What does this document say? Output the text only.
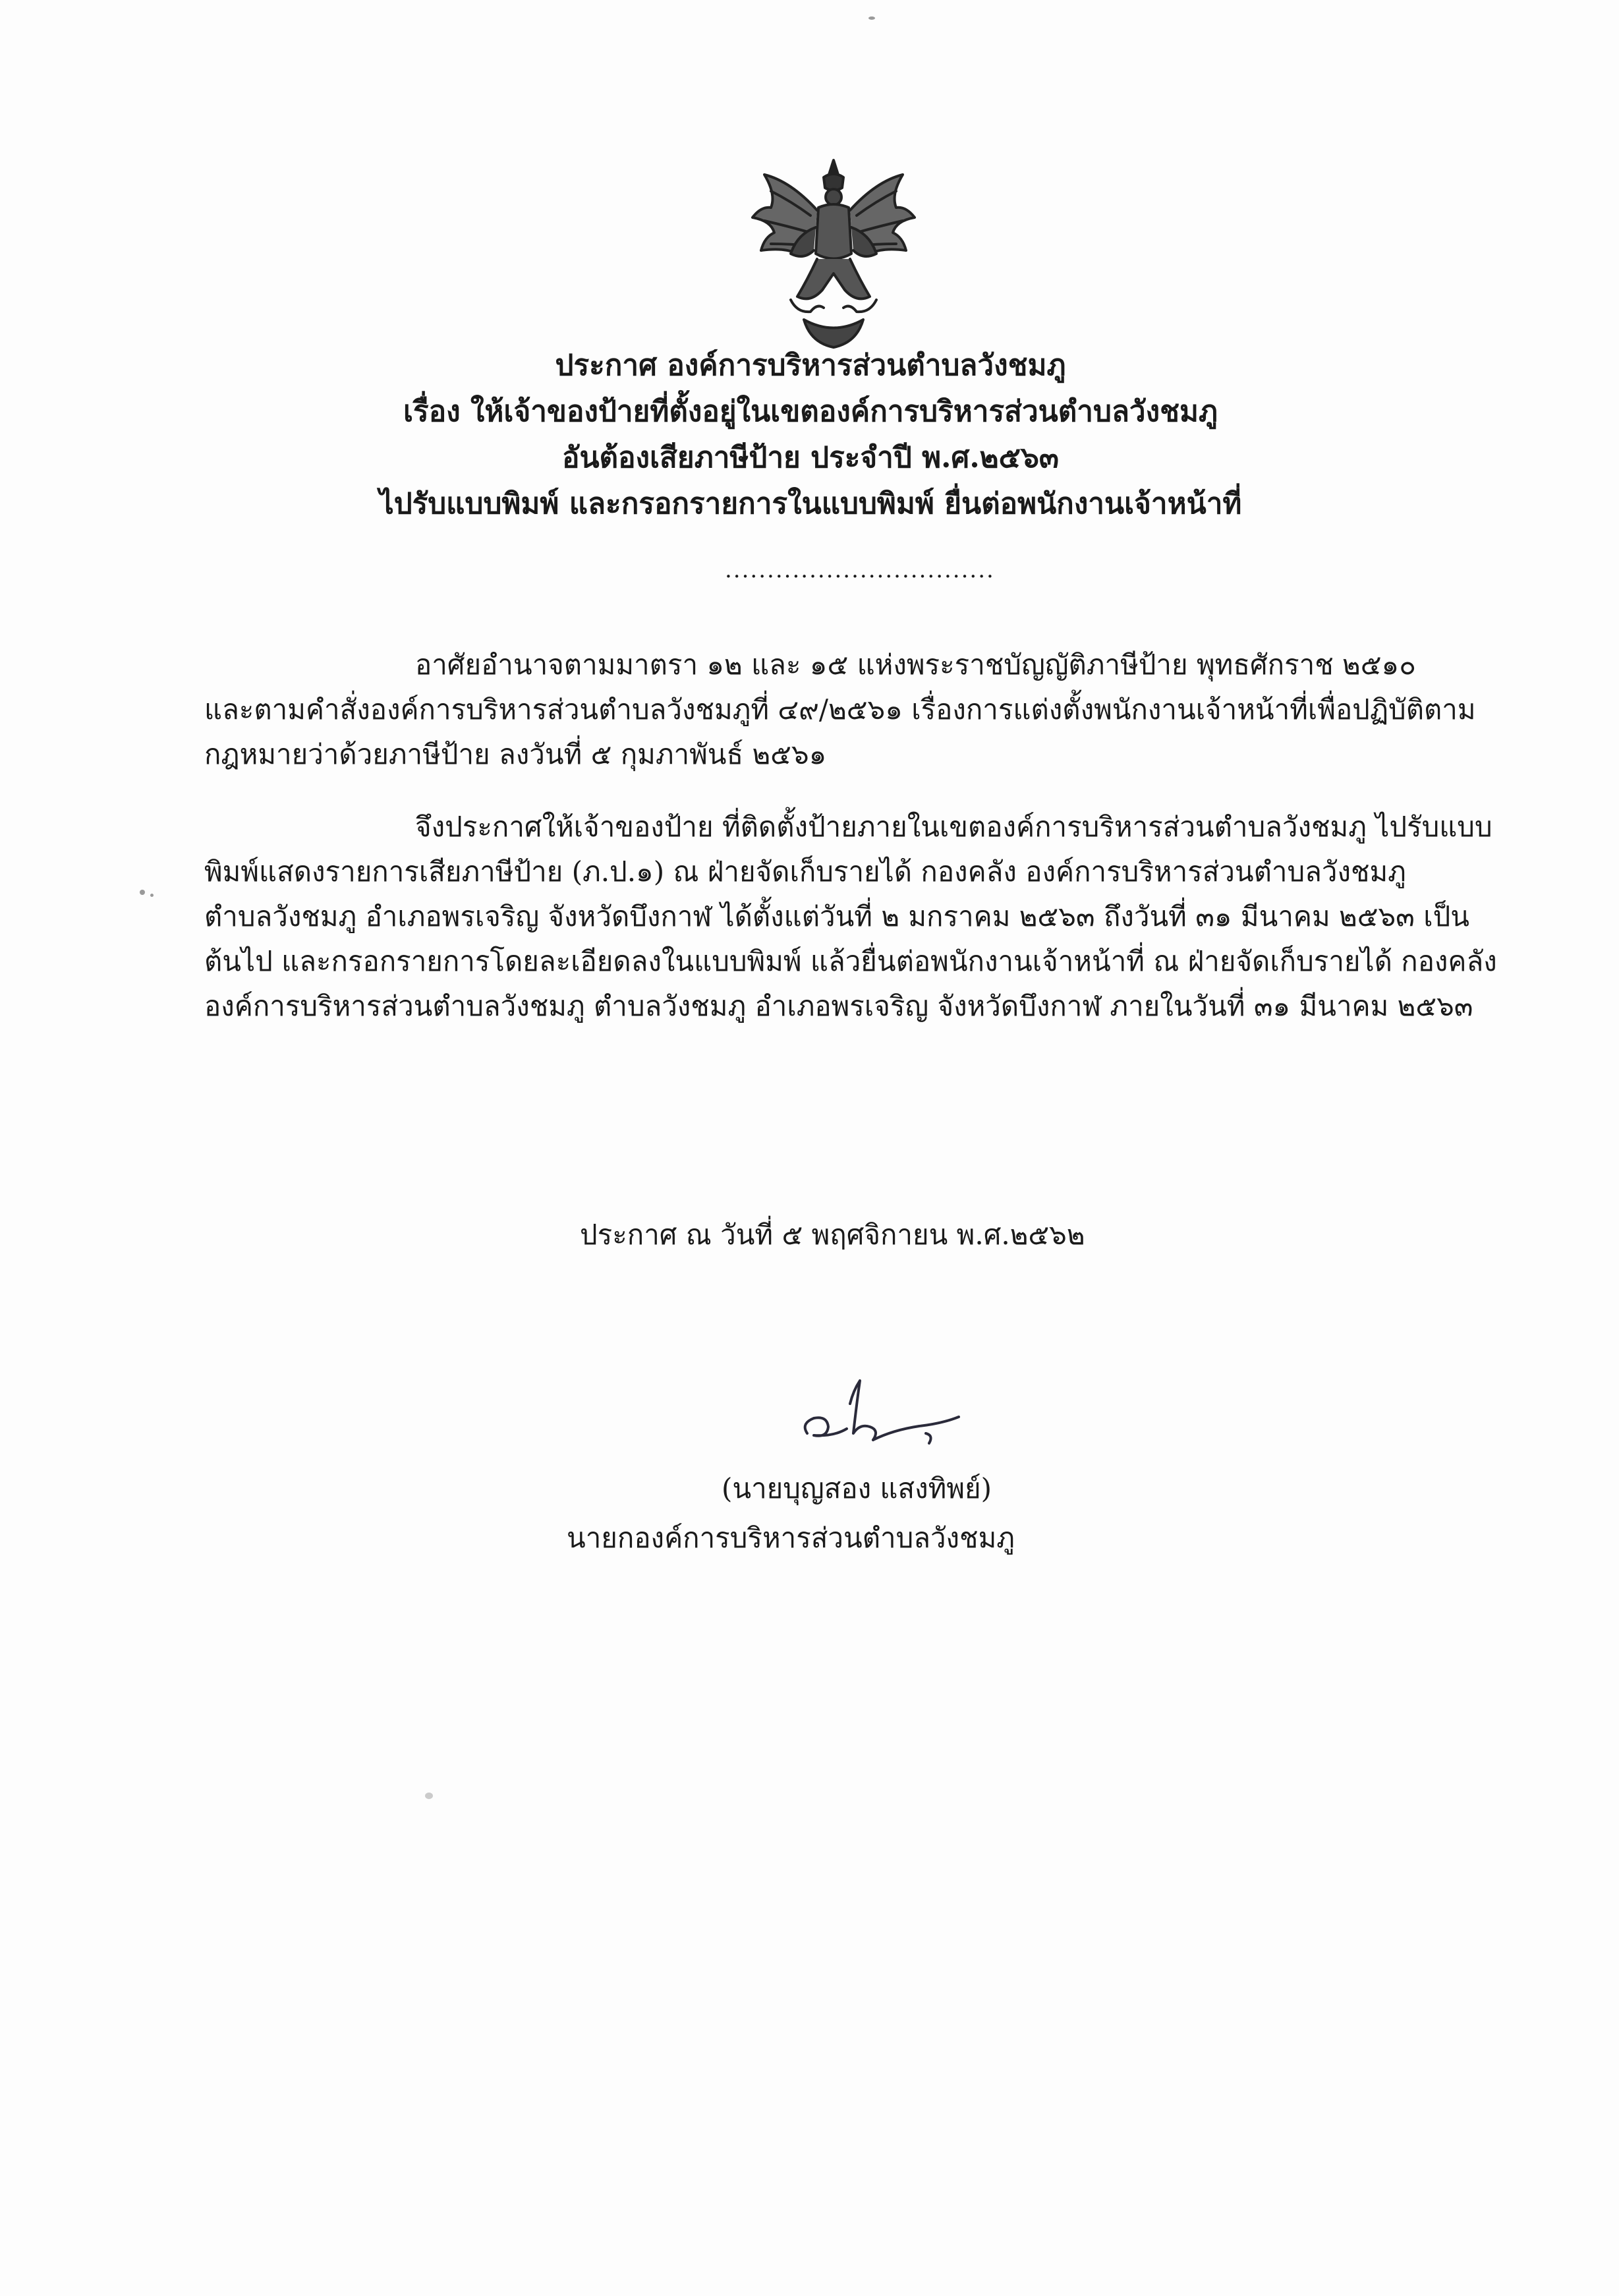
ประกาศ องค์การบริหารส่วนตำบลวังชมภู
เรื่อง ให้เจ้าของป้ายที่ตั้งอยู่ในเขตองค์การบริหารส่วนตำบลวังชมภู
อันต้องเสียภาษีป้าย ประจำปี พ.ศ.๒๕๖๓
ไปรับแบบพิมพ์ และกรอกรายการในแบบพิมพ์ ยื่นต่อพนักงานเจ้าหน้าที่
................................
อาศัยอำนาจตามมาตรา ๑๒ และ ๑๕ แห่งพระราชบัญญัติภาษีป้าย พุทธศักราช ๒๕๑๐
และตามคำสั่งองค์การบริหารส่วนตำบลวังชมภูที่ ๔๙/๒๕๖๑ เรื่องการแต่งตั้งพนักงานเจ้าหน้าที่เพื่อปฏิบัติตาม
กฎหมายว่าด้วยภาษีป้าย ลงวันที่ ๕ กุมภาพันธ์ ๒๕๖๑
จึงประกาศให้เจ้าของป้าย ที่ติดตั้งป้ายภายในเขตองค์การบริหารส่วนตำบลวังชมภู ไปรับแบบ
พิมพ์แสดงรายการเสียภาษีป้าย (ภ.ป.๑) ณ ฝ่ายจัดเก็บรายได้ กองคลัง องค์การบริหารส่วนตำบลวังชมภู
ตำบลวังชมภู อำเภอพรเจริญ จังหวัดบึงกาฬ ได้ตั้งแต่วันที่ ๒ มกราคม ๒๕๖๓ ถึงวันที่ ๓๑ มีนาคม ๒๕๖๓ เป็น
ต้นไป และกรอกรายการโดยละเอียดลงในแบบพิมพ์ แล้วยื่นต่อพนักงานเจ้าหน้าที่ ณ ฝ่ายจัดเก็บรายได้ กองคลัง
องค์การบริหารส่วนตำบลวังชมภู ตำบลวังชมภู อำเภอพรเจริญ จังหวัดบึงกาฬ ภายในวันที่ ๓๑ มีนาคม ๒๕๖๓
ประกาศ ณ วันที่ ๕ พฤศจิกายน พ.ศ.๒๕๖๒
(นายบุญสอง แสงทิพย์)
นายกองค์การบริหารส่วนตำบลวังชมภู
